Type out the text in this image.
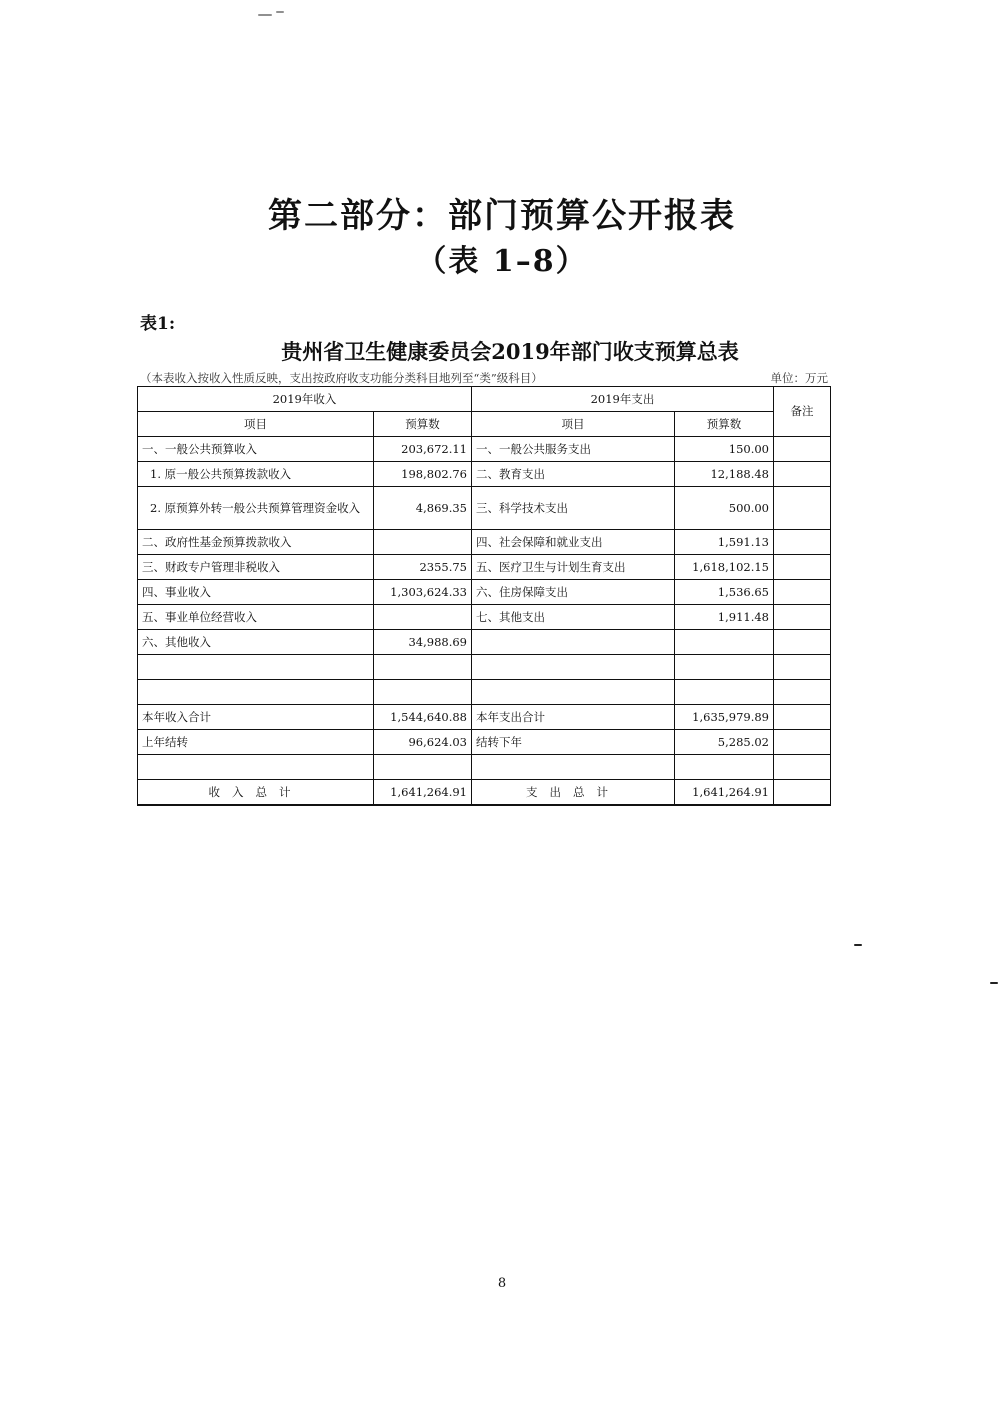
第二部分：部门预算公开报表
（表 1–8）
表1:
贵州省卫生健康委员会2019年部门收支预算总表
（本表收入按收入性质反映，支出按政府收支功能分类科目地列至“类”级科目）	单位：万元
2019年收入		2019年支出		备注
项目	预算数	项目	预算数	
一、一般公共预算收入	203,672.11	一、一般公共服务支出	150.00	
1. 原一般公共预算拨款收入	198,802.76	二、教育支出	12,188.48	
2. 原预算外转一般公共预算管理资金收入	4,869.35	三、科学技术支出	500.00	
二、政府性基金预算拨款收入		四、社会保障和就业支出	1,591.13	
三、财政专户管理非税收入	2355.75	五、医疗卫生与计划生育支出	1,618,102.15	
四、事业收入	1,303,624.33	六、住房保障支出	1,536.65	
五、事业单位经营收入		七、其他支出	1,911.48	
六、其他收入	34,988.69			

本年收入合计	1,544,640.88	本年支出合计	1,635,979.89	
上年结转	96,624.03	结转下年	5,285.02	

收入总计	1,641,264.91	支出总计	1,641,264.91	
8
